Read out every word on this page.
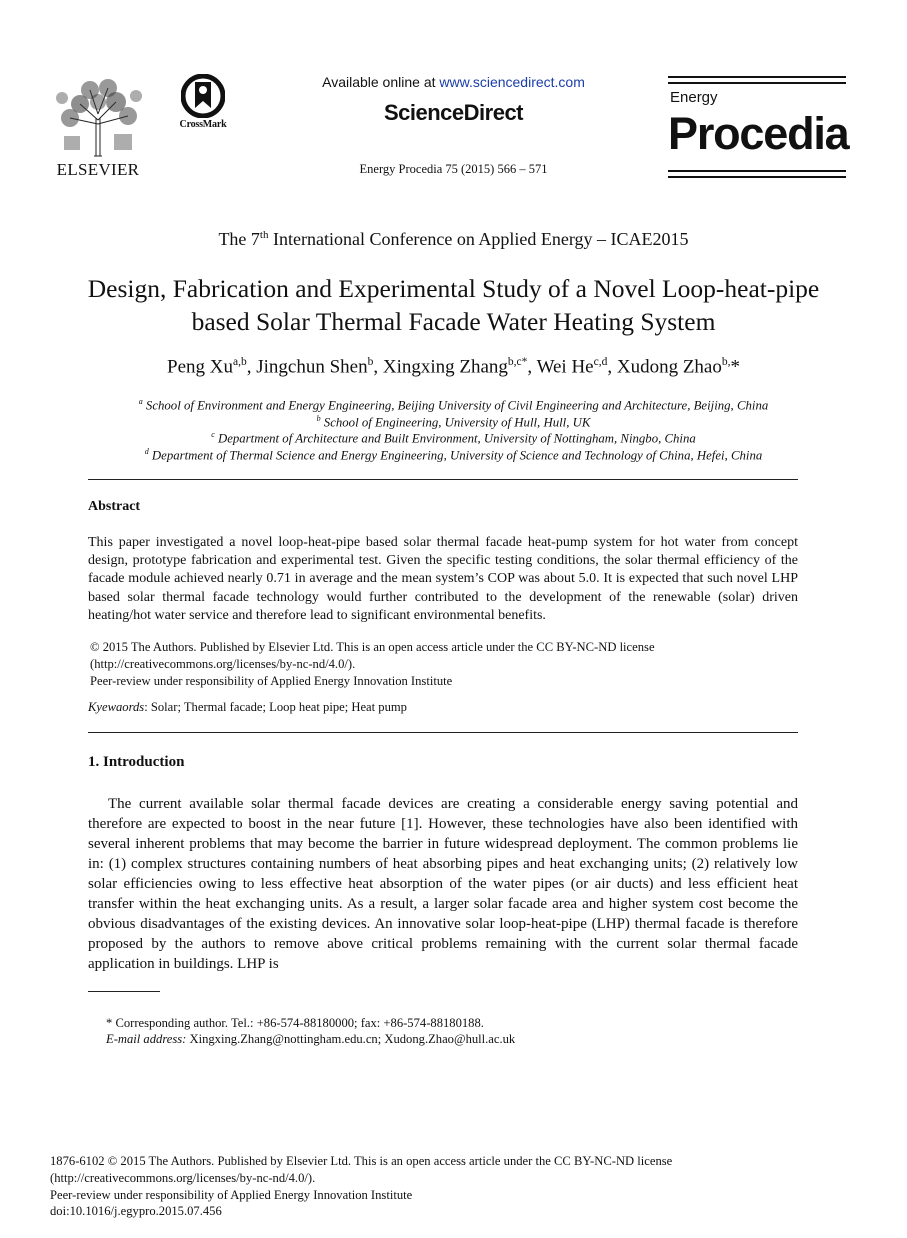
ELSEVIER
CrossMark
Available online at www.sciencedirect.com
ScienceDirect
Energy Procedia 75 (2015) 566 – 571
Energy
Procedia
The 7th International Conference on Applied Energy – ICAE2015
Design, Fabrication and Experimental Study of a Novel Loop-heat-pipe based Solar Thermal Facade Water Heating System
Peng Xu$^{a,b}$, Jingchun Shen$^b$, Xingxing Zhang$^{b,c*}$, Wei He$^{c,d}$, Xudong Zhao$^{b,}$*
$^a$ School of Environment and Energy Engineering, Beijing University of Civil Engineering and Architecture, Beijing, China
$^b$ School of Engineering, University of Hull, Hull, UK
$^c$ Department of Architecture and Built Environment, University of Nottingham, Ningbo, China
$^d$ Department of Thermal Science and Energy Engineering, University of Science and Technology of China, Hefei, China
Abstract
This paper investigated a novel loop-heat-pipe based solar thermal facade heat-pump system for hot water from concept design, prototype fabrication and experimental test. Given the specific testing conditions, the solar thermal efficiency of the facade module achieved nearly 0.71 in average and the mean system’s COP was about 5.0. It is expected that such novel LHP based solar thermal facade technology would further contributed to the development of the renewable (solar) driven heating/hot water service and therefore lead to significant environmental benefits.
© 2015 The Authors. Published by Elsevier Ltd. This is an open access article under the CC BY-NC-ND license
(http://creativecommons.org/licenses/by-nc-nd/4.0/).
Peer-review under responsibility of Applied Energy Innovation Institute
Kyewaords: Solar; Thermal facade; Loop heat pipe; Heat pump
1. Introduction
The current available solar thermal facade devices are creating a considerable energy saving potential and therefore are expected to boost in the near future [1]. However, these technologies have also been identified with several inherent problems that may become the barrier in future widespread deployment. The common problems lie in: (1) complex structures containing numbers of heat absorbing pipes and heat exchanging units; (2) relatively low solar efficiencies owing to less effective heat absorption of the water pipes (or air ducts) and less efficient heat transfer within the heat exchanging units. As a result, a larger solar facade area and higher system cost become the obvious disadvantages of the existing devices. An innovative solar loop-heat-pipe (LHP) thermal facade is therefore proposed by the authors to remove above critical problems remaining with the current solar thermal facade application in buildings. LHP is
* Corresponding author. Tel.: +86-574-88180000; fax: +86-574-88180188.
E-mail address: Xingxing.Zhang@nottingham.edu.cn; Xudong.Zhao@hull.ac.uk
1876-6102 © 2015 The Authors. Published by Elsevier Ltd. This is an open access article under the CC BY-NC-ND license
(http://creativecommons.org/licenses/by-nc-nd/4.0/).
Peer-review under responsibility of Applied Energy Innovation Institute
doi:10.1016/j.egypro.2015.07.456
